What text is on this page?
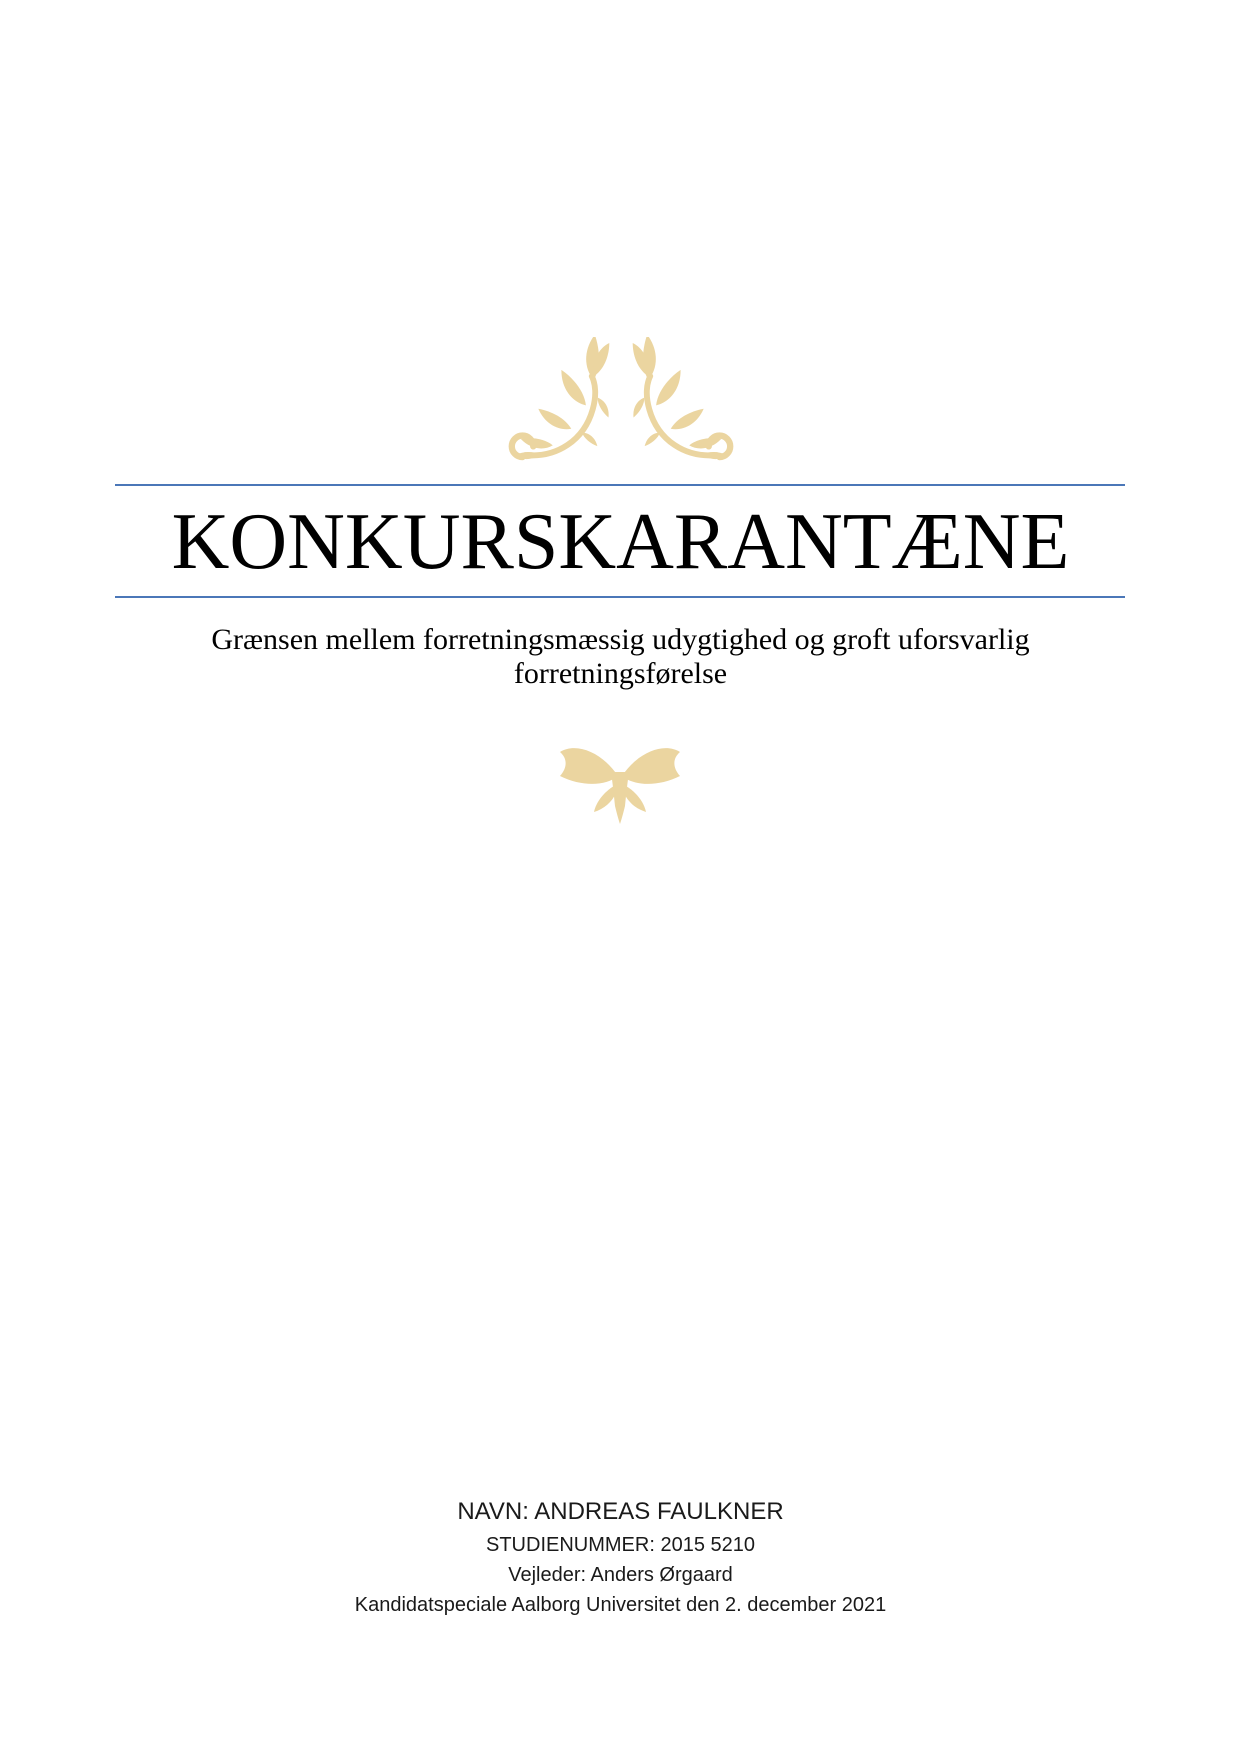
KONKURSKARANTÆNE
Grænsen mellem forretningsmæssig udygtighed og groft uforsvarlig
forretningsførelse
NAVN: ANDREAS FAULKNER
STUDIENUMMER: 2015 5210
Vejleder: Anders Ørgaard
Kandidatspeciale Aalborg Universitet den 2. december 2021
